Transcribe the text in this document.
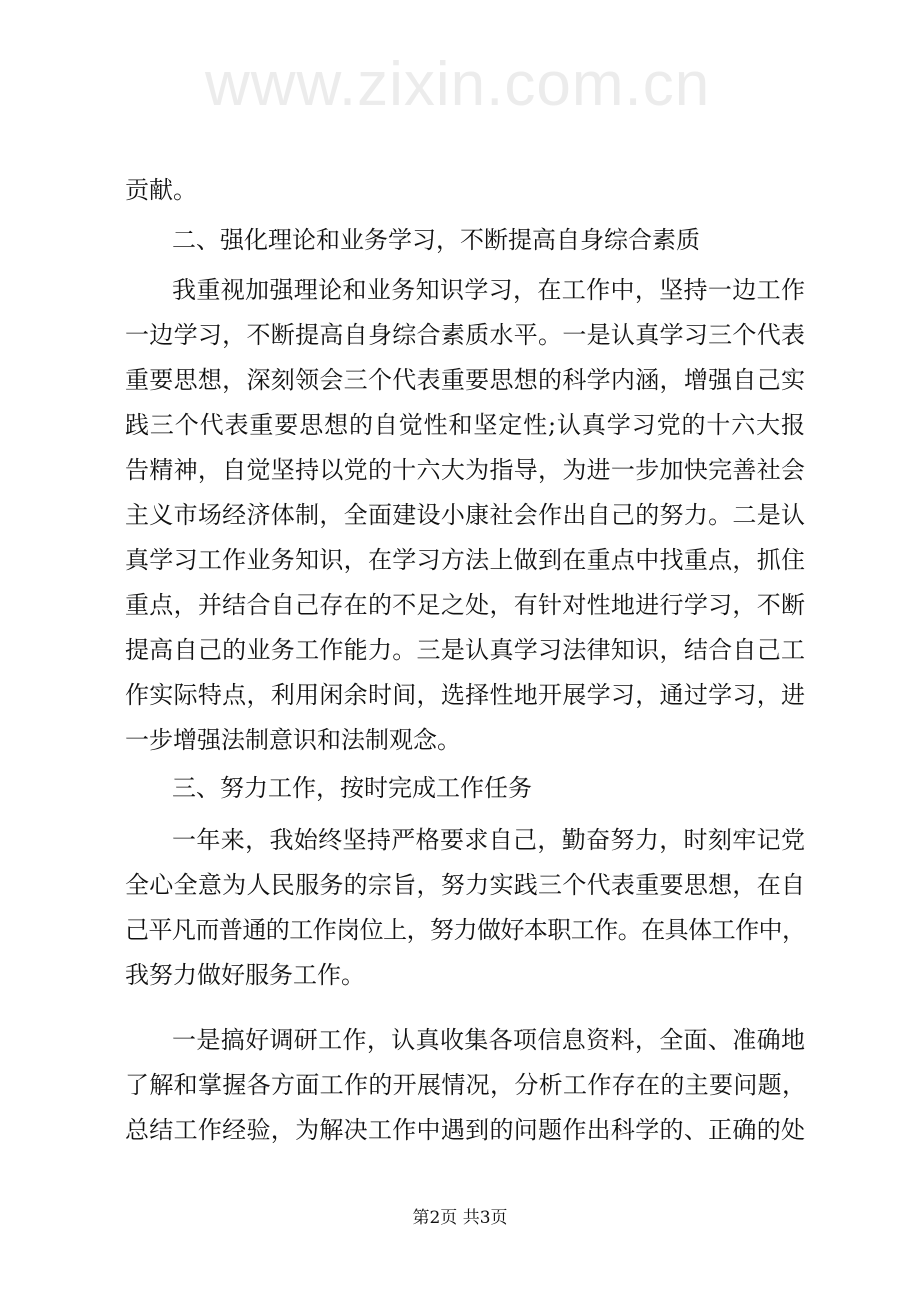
www.zixin.com.cn
贡献。
二、强化理论和业务学习，不断提高自身综合素质
我重视加强理论和业务知识学习，在工作中，坚持一边工作
一边学习，不断提高自身综合素质水平。一是认真学习三个代表
重要思想，深刻领会三个代表重要思想的科学内涵，增强自己实
践三个代表重要思想的自觉性和坚定性;认真学习党的十六大报
告精神，自觉坚持以党的十六大为指导，为进一步加快完善社会
主义市场经济体制，全面建设小康社会作出自己的努力。二是认
真学习工作业务知识，在学习方法上做到在重点中找重点，抓住
重点，并结合自己存在的不足之处，有针对性地进行学习，不断
提高自己的业务工作能力。三是认真学习法律知识，结合自己工
作实际特点，利用闲余时间，选择性地开展学习，通过学习，进
一步增强法制意识和法制观念。
三、努力工作，按时完成工作任务
一年来，我始终坚持严格要求自己，勤奋努力，时刻牢记党
全心全意为人民服务的宗旨，努力实践三个代表重要思想，在自
己平凡而普通的工作岗位上，努力做好本职工作。在具体工作中，
我努力做好服务工作。
一是搞好调研工作，认真收集各项信息资料，全面、准确地
了解和掌握各方面工作的开展情况，分析工作存在的主要问题，
总结工作经验，为解决工作中遇到的问题作出科学的、正确的处
第2页 共3页
